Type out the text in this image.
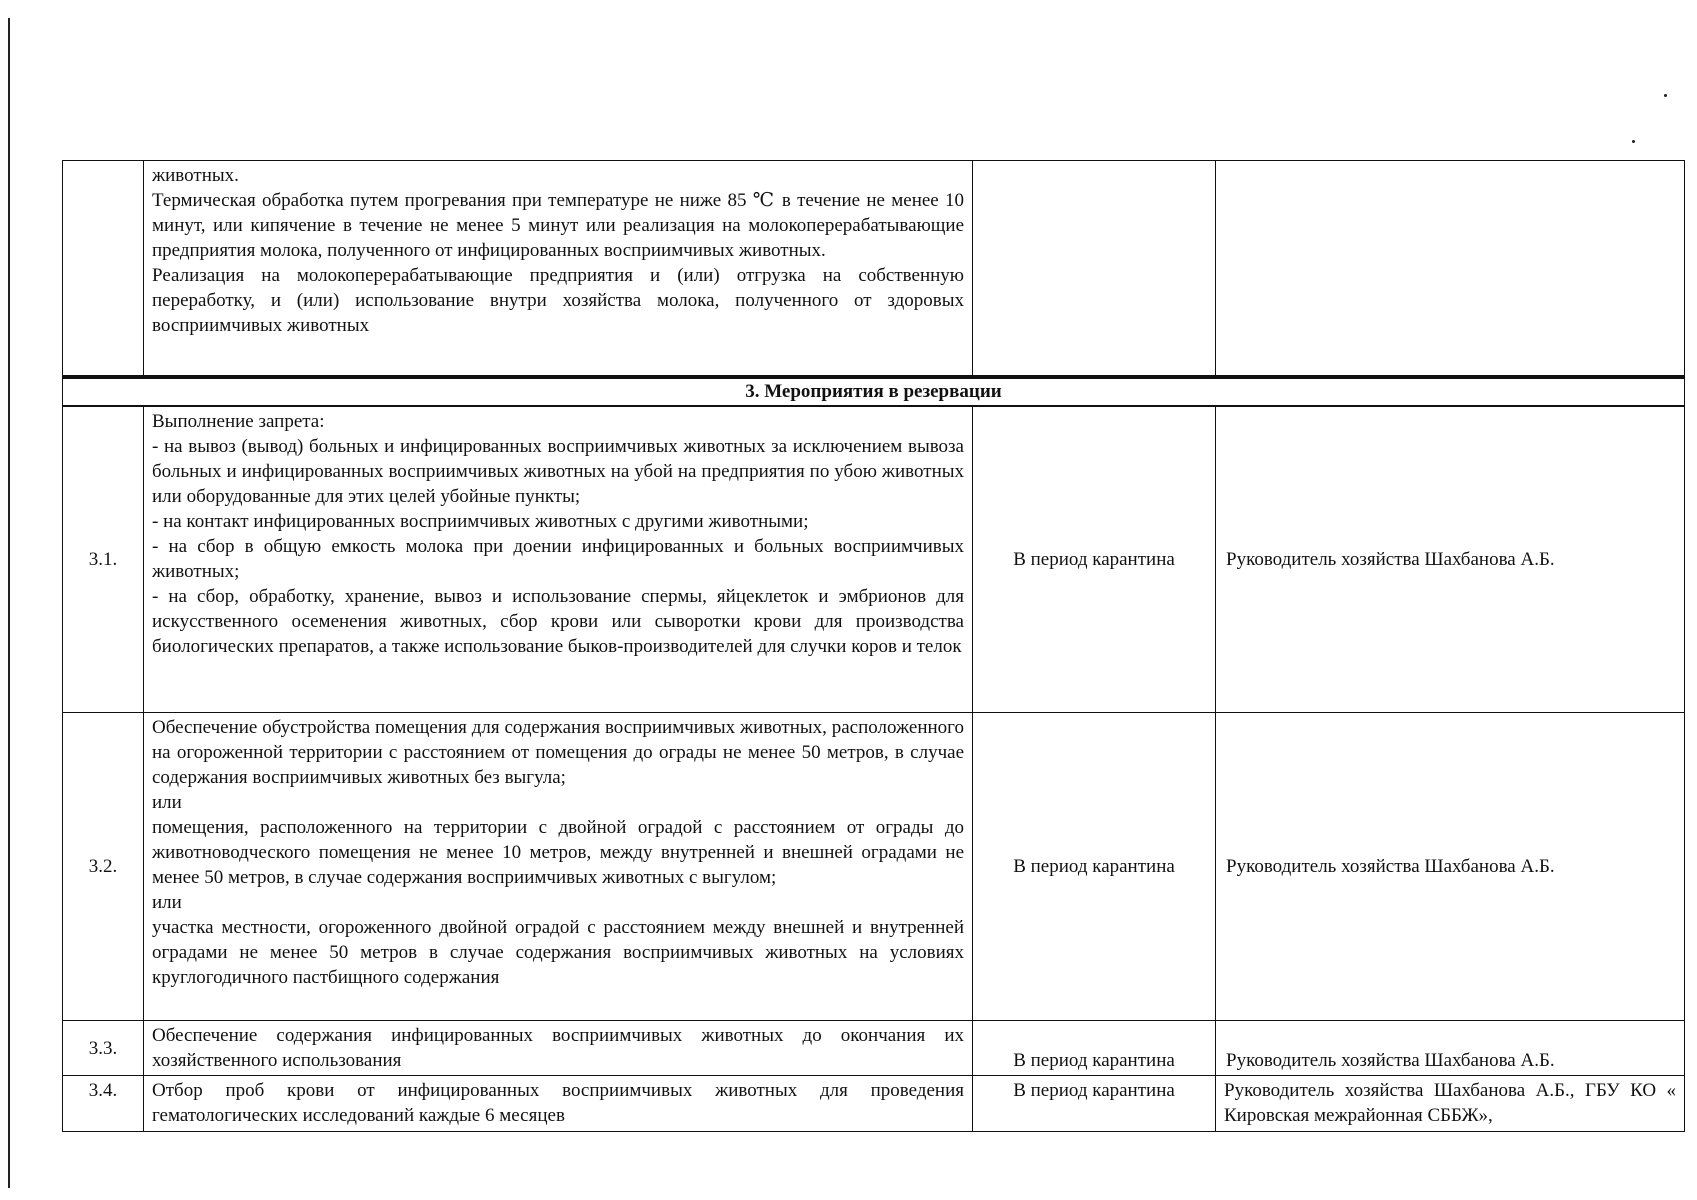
	животных.
Термическая обработка путем прогревания при температуре не ниже 85 ℃ в течение не менее 10 минут, или кипячение в течение не менее 5 минут или реализация на молокоперерабатывающие предприятия молока, полученного от инфицированных восприимчивых животных.
Реализация на молокоперерабатывающие предприятия и (или) отгрузка на собственную переработку, и (или) использование внутри хозяйства молока, полученного от здоровых восприимчивых животных		

3. Мероприятия в резервации			
3.1.	Выполнение запрета:
- на вывоз (вывод) больных и инфицированных восприимчивых животных за исключением вывоза больных и инфицированных восприимчивых животных на убой на предприятия по убою животных или оборудованные для этих целей убойные пункты;
- на контакт инфицированных восприимчивых животных с другими животными;
- на сбор в общую емкость молока при доении инфицированных и больных восприимчивых животных;
- на сбор, обработку, хранение, вывоз и использование спермы, яйцеклеток и эмбрионов для искусственного осеменения животных, сбор крови или сыворотки крови для производства биологических препаратов, а также использование быков-производителей для случки коров и телок	В период карантина	Руководитель хозяйства Шахбанова А.Б.
3.2.	Обеспечение обустройства помещения для содержания восприимчивых животных, расположенного на огороженной территории с расстоянием от помещения до ограды не менее 50 метров, в случае содержания восприимчивых животных без выгула;
или
помещения, расположенного на территории с двойной оградой с расстоянием от ограды до животноводческого помещения не менее 10 метров, между внутренней и внешней оградами не менее 50 метров, в случае содержания восприимчивых животных с выгулом;
или
участка местности, огороженного двойной оградой с расстоянием между внешней и внутренней оградами не менее 50 метров в случае содержания восприимчивых животных на условиях круглогодичного пастбищного содержания	В период карантина	Руководитель хозяйства Шахбанова А.Б.
3.3.	Обеспечение содержания инфицированных восприимчивых животных до окончания их хозяйственного использования	В период карантина	Руководитель хозяйства Шахбанова А.Б.
3.4.	Отбор проб крови от инфицированных восприимчивых животных для проведения гематологических исследований каждые 6 месяцев	В период карантина	Руководитель хозяйства Шахбанова А.Б., ГБУ КО « Кировская межрайонная СББЖ»,
